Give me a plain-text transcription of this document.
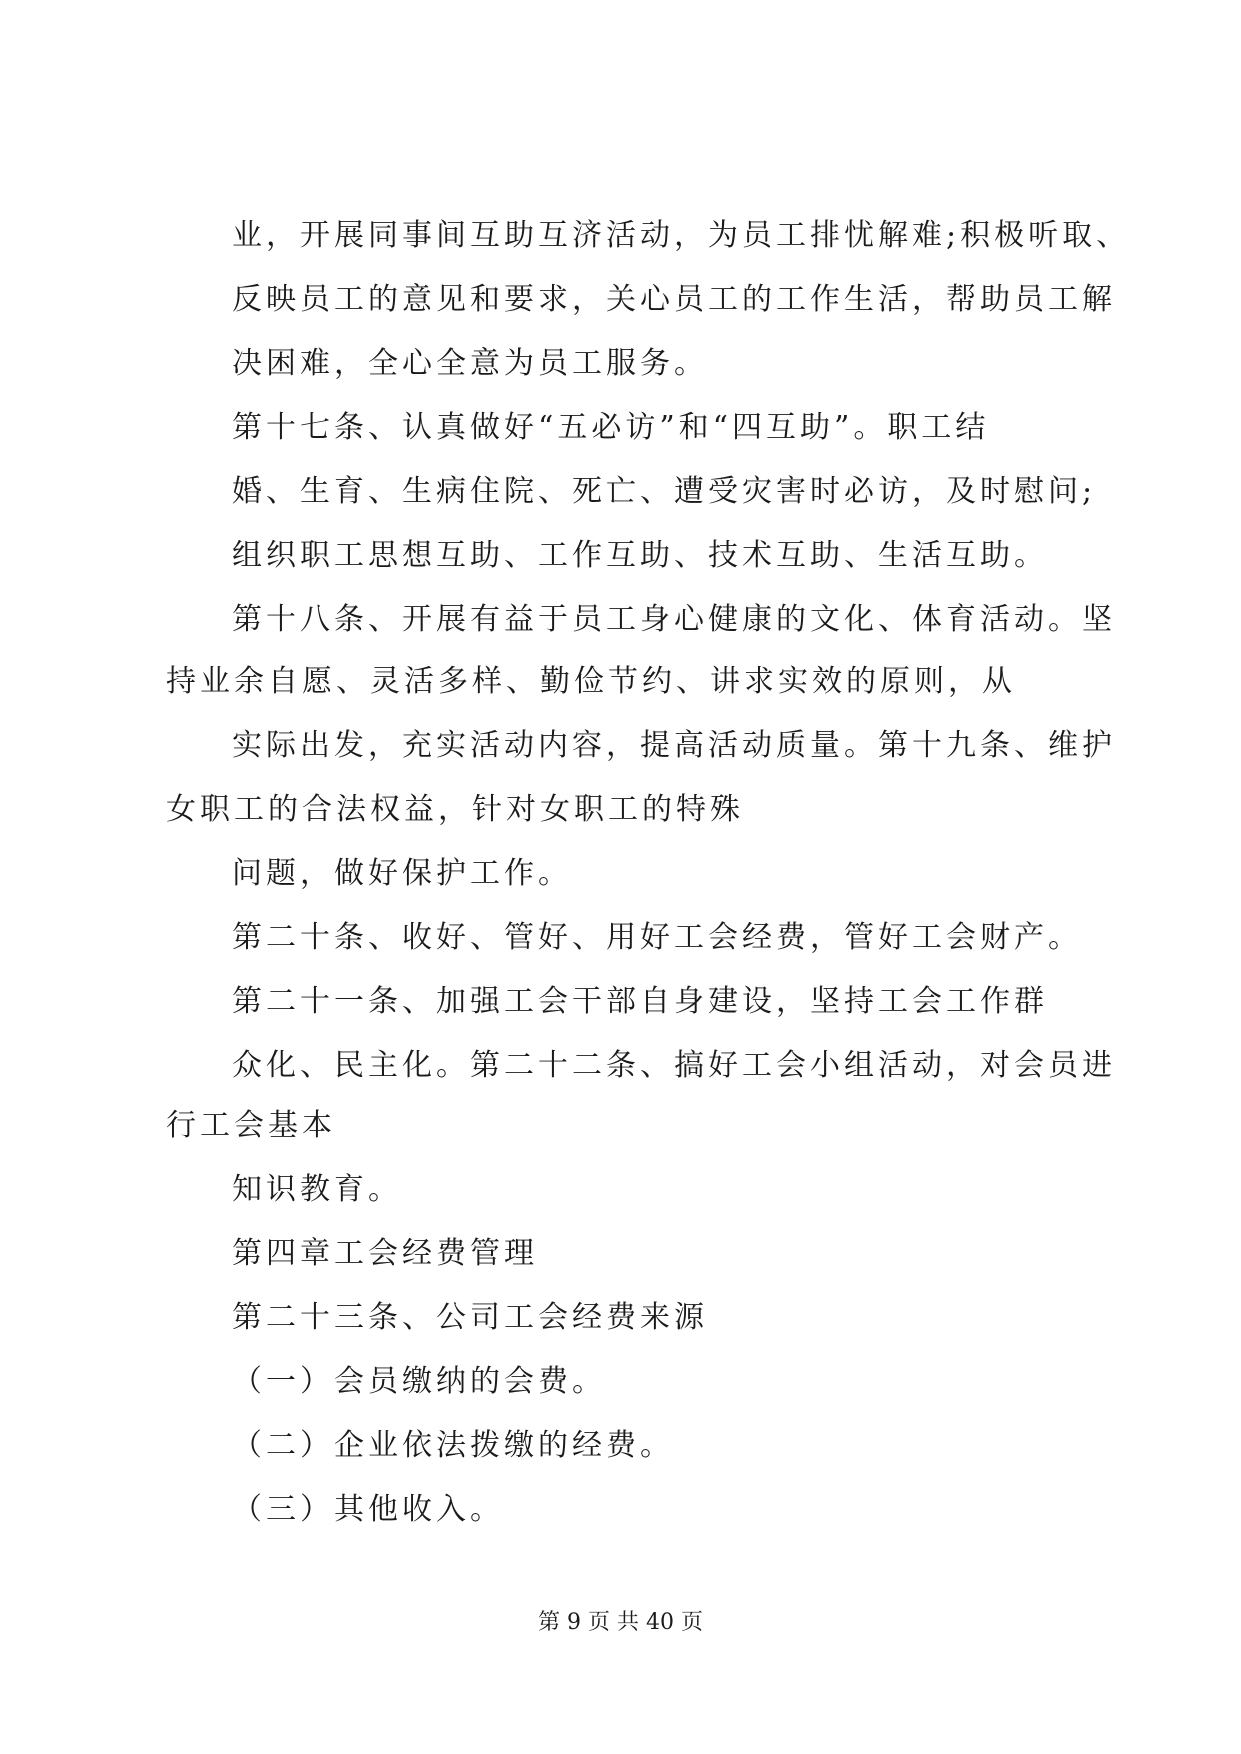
业，开展同事间互助互济活动，为员工排忧解难;积极听取、
反映员工的意见和要求，关心员工的工作生活，帮助员工解
决困难，全心全意为员工服务。
第十七条、认真做好“五必访”和“四互助”。职工结
婚、生育、生病住院、死亡、遭受灾害时必访，及时慰问;
组织职工思想互助、工作互助、技术互助、生活互助。
第十八条、开展有益于员工身心健康的文化、体育活动。坚
持业余自愿、灵活多样、勤俭节约、讲求实效的原则，从
实际出发，充实活动内容，提高活动质量。第十九条、维护
女职工的合法权益，针对女职工的特殊
问题，做好保护工作。
第二十条、收好、管好、用好工会经费，管好工会财产。
第二十一条、加强工会干部自身建设，坚持工会工作群
众化、民主化。第二十二条、搞好工会小组活动，对会员进
行工会基本
知识教育。
第四章工会经费管理
第二十三条、公司工会经费来源
（一）会员缴纳的会费。
（二）企业依法拨缴的经费。
（三）其他收入。
第 9 页 共 40 页
